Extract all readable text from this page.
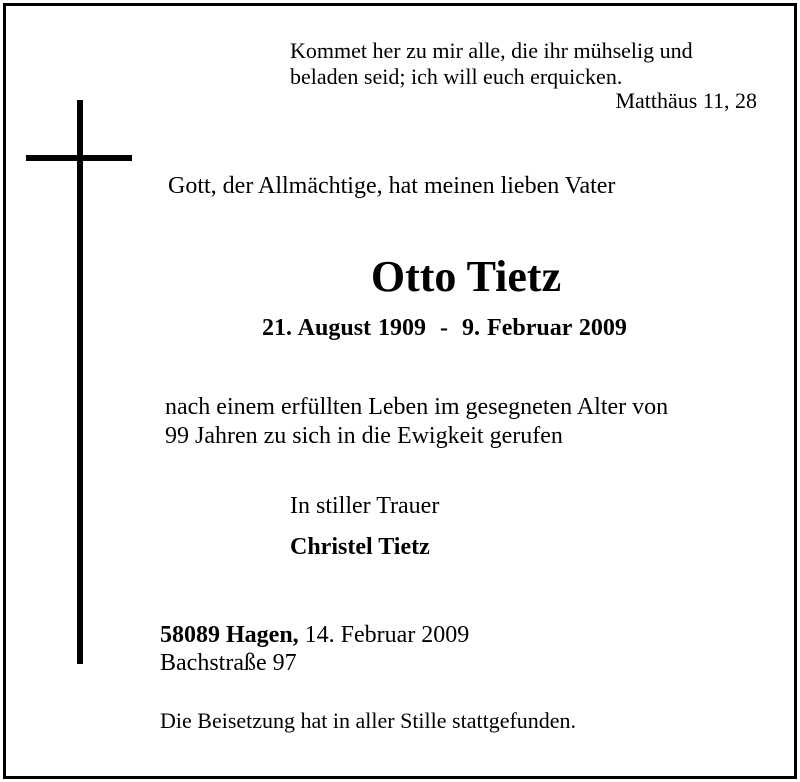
Kommet her zu mir alle, die ihr mühselig und
beladen seid; ich will euch erquicken.
Matthäus 11, 28
Gott, der Allmächtige, hat meinen lieben Vater
Otto Tietz
21. August 1909 - 9. Februar 2009
nach einem erfüllten Leben im gesegneten Alter von
99 Jahren zu sich in die Ewigkeit gerufen
In stiller Trauer
Christel Tietz
58089 Hagen, 14. Februar 2009
Bachstraße 97
Die Beisetzung hat in aller Stille stattgefunden.
